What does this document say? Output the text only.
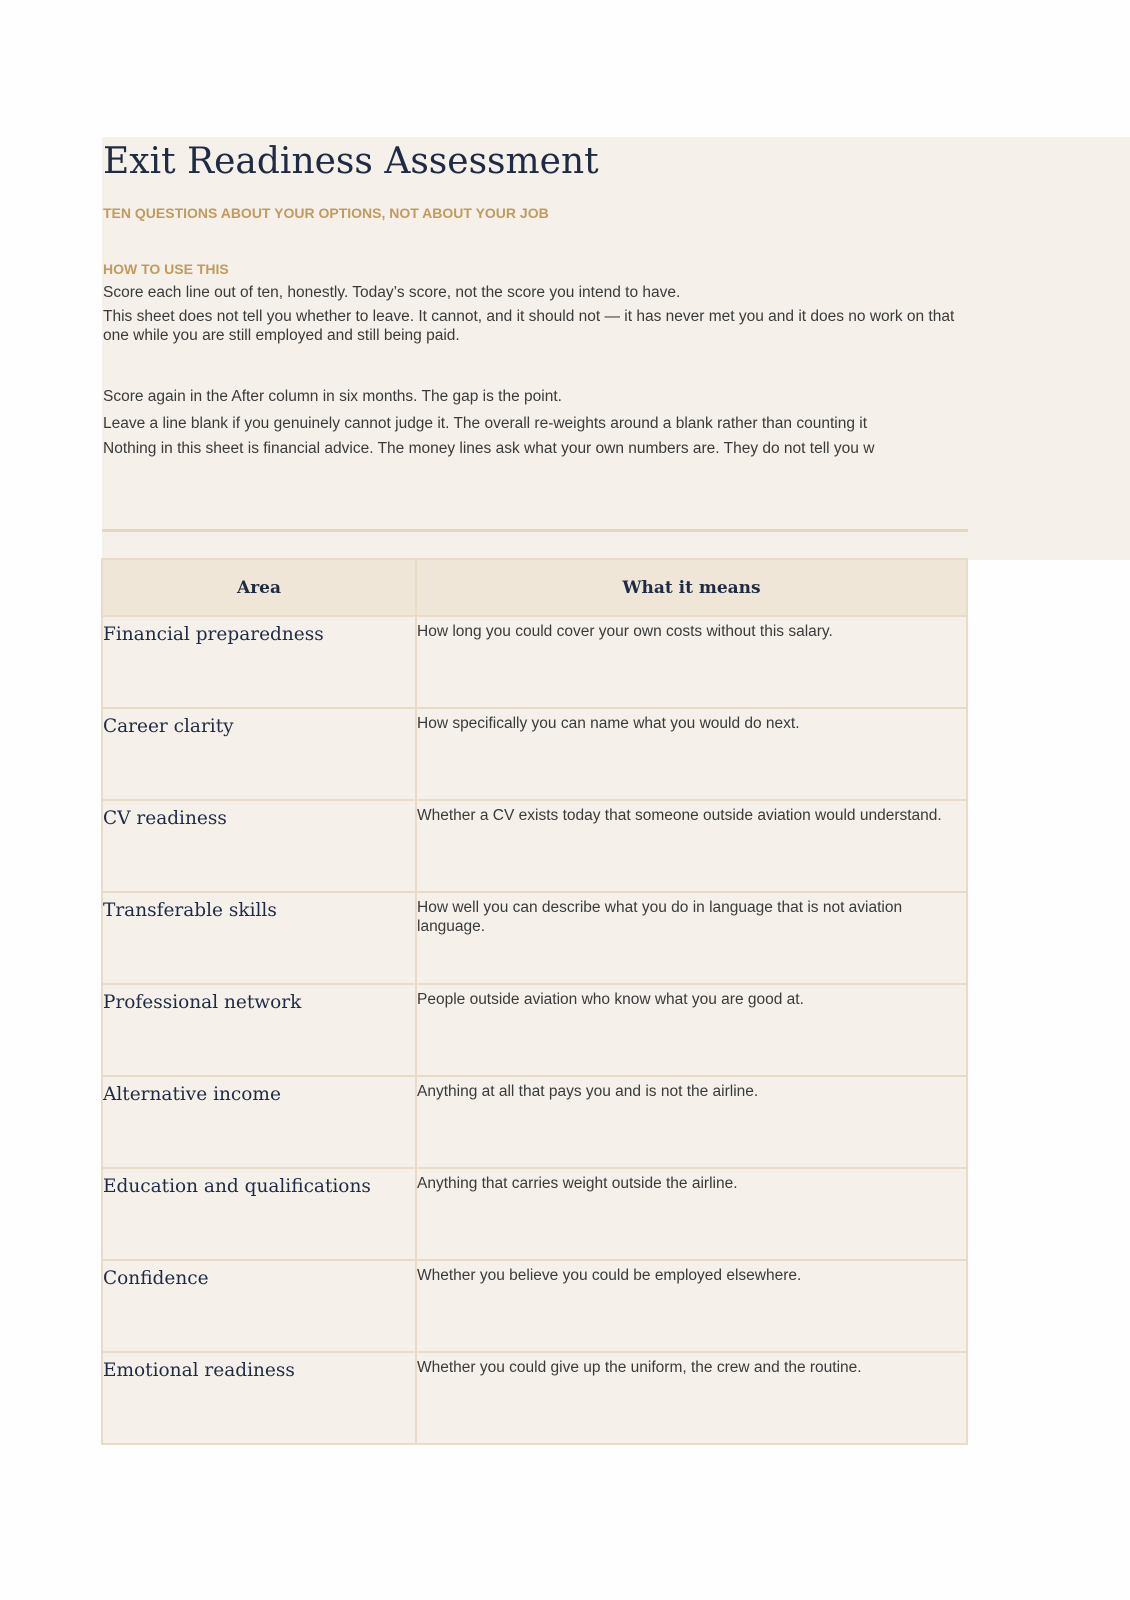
Exit Readiness Assessment
TEN QUESTIONS ABOUT YOUR OPTIONS, NOT ABOUT YOUR JOB
HOW TO USE THIS
Score each line out of ten, honestly. Today’s score, not the score you intend to have.
This sheet does not tell you whether to leave. It cannot, and it should not — it has never met you and it does no work on that one while you are still employed and still being paid.
Score again in the After column in six months. The gap is the point.
Leave a line blank if you genuinely cannot judge it. The overall re-weights around a blank rather than counting it
Nothing in this sheet is financial advice. The money lines ask what your own numbers are. They do not tell you w
Area	What it means
Financial preparedness	How long you could cover your own costs without this salary.
Career clarity	How specifically you can name what you would do next.
CV readiness	Whether a CV exists today that someone outside aviation would understand.
Transferable skills	How well you can describe what you do in language that is not aviation language.
Professional network	People outside aviation who know what you are good at.
Alternative income	Anything at all that pays you and is not the airline.
Education and qualifications	Anything that carries weight outside the airline.
Confidence	Whether you believe you could be employed elsewhere.
Emotional readiness	Whether you could give up the uniform, the crew and the routine.
